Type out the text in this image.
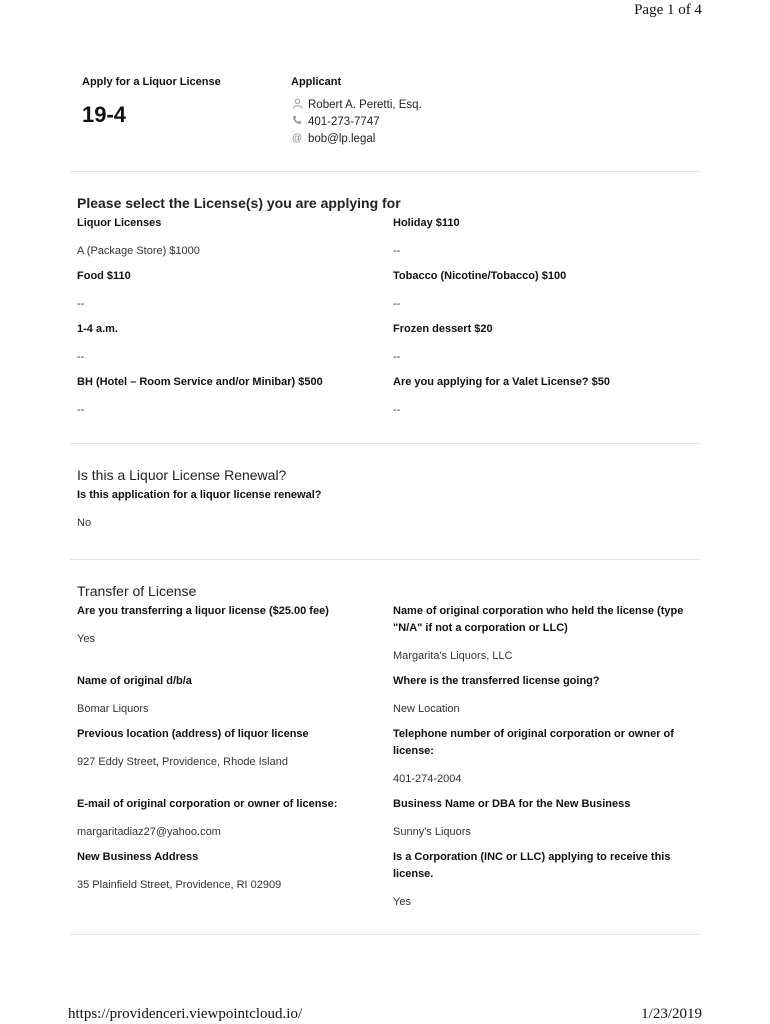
Page 1 of 4
Apply for a Liquor License
19-4
Applicant
Robert A. Peretti, Esq.
401-273-7747
@ bob@lp.legal
Please select the License(s) you are applying for
Liquor Licenses
A (Package Store) $1000
Holiday $110
--
Food $110
--
Tobacco (Nicotine/Tobacco) $100
--
1-4 a.m.
--
Frozen dessert $20
--
BH (Hotel – Room Service and/or Minibar) $500
--
Are you applying for a Valet License? $50
--
Is this a Liquor License Renewal?
Is this application for a liquor license renewal?
No
Transfer of License
Are you transferring a liquor license ($25.00 fee)
Yes
Name of original corporation who held the license (type "N/A" if not a corporation or LLC)
Margarita's Liquors, LLC
Name of original d/b/a
Bomar Liquors
Where is the transferred license going?
New Location
Previous location (address) of liquor license
927 Eddy Street, Providence, Rhode Island
Telephone number of original corporation or owner of license:
401-274-2004
E-mail of original corporation or owner of license:
margaritadiaz27@yahoo.com
Business Name or DBA for the New Business
Sunny's Liquors
New Business Address
35 Plainfield Street, Providence, RI 02909
Is a Corporation (INC or LLC) applying to receive this license.
Yes
https://providenceri.viewpointcloud.io/	1/23/2019
